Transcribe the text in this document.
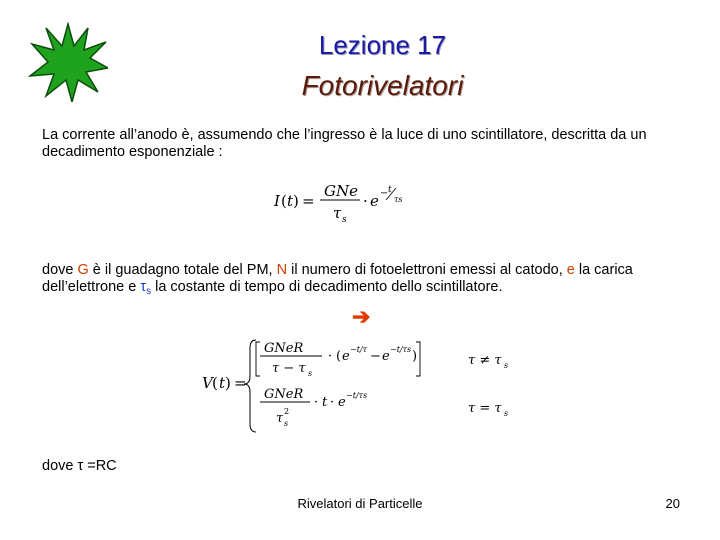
Lezione 17
Fotorivelatori
La corrente all’anodo è, assumendo che l’ingresso è la luce di uno scintillatore, descritta da un decadimento esponenziale :
I ( t ) =
GNe
τ s
· e − t
τs
dove G è il guadagno totale del PM, N il numero di fotoelettroni emessi al catodo, e la carica dell’elettrone e $\tau_s$ la costante di tempo di decadimento dello scintillatore.
➔
V ( t ) =
GNeR
τ − τ s
· ( e −t/τ − e −t/τs )	τ ≠ τ s
GNeR
τ 2
s
· t · e −t/τs
τ = τ s
dove τ =RC
Rivelatori di Particelle	20
